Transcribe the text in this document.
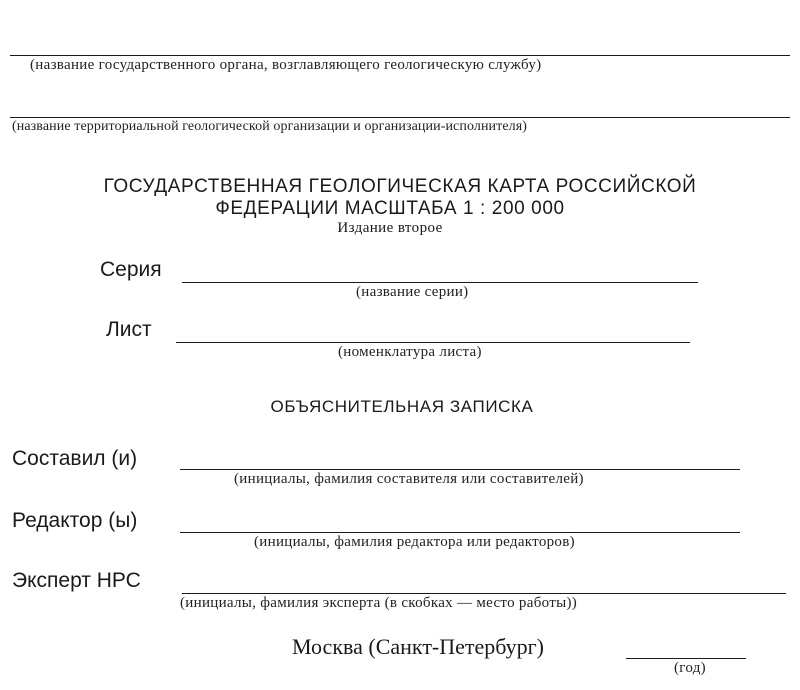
(название государственного органа, возглавляющего геологическую службу)
(название территориальной геологической организации и организации-исполнителя)
ГОСУДАРСТВЕННАЯ ГЕОЛОГИЧЕСКАЯ КАРТА РОССИЙСКОЙ
ФЕДЕРАЦИИ МАСШТАБА 1 : 200 000
Издание второе
Серия
(название серии)
Лист
(номенклатура листа)
ОБЪЯСНИТЕЛЬНАЯ ЗАПИСКА
Составил (и)
(инициалы, фамилия составителя или составителей)
Редактор (ы)
(инициалы, фамилия редактора или редакторов)
Эксперт НРС
(инициалы, фамилия эксперта (в скобках — место работы))
Москва (Санкт-Петербург)
(год)
